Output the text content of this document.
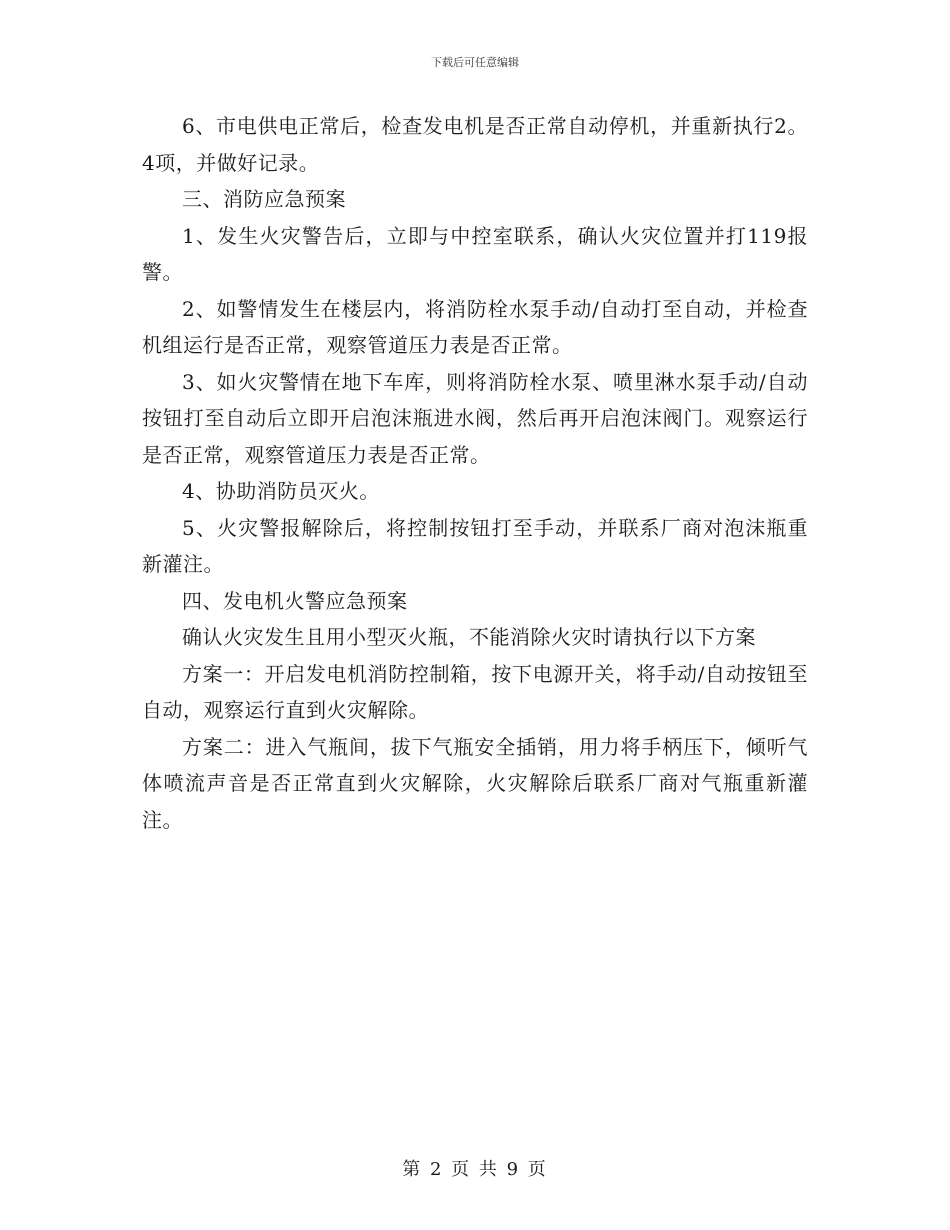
下载后可任意编辑

6、市电供电正常后，检查发电机是否正常自动停机，并重新执行2。4项，并做好记录。

三、消防应急预案

1、发生火灾警告后，立即与中控室联系，确认火灾位置并打119报警。

2、如警情发生在楼层内，将消防栓水泵手动/自动打至自动，并检查机组运行是否正常，观察管道压力表是否正常。

3、如火灾警情在地下车库，则将消防栓水泵、喷里淋水泵手动/自动按钮打至自动后立即开启泡沫瓶进水阀，然后再开启泡沫阀门。观察运行是否正常，观察管道压力表是否正常。

4、协助消防员灭火。

5、火灾警报解除后，将控制按钮打至手动，并联系厂商对泡沫瓶重新灌注。

四、发电机火警应急预案

确认火灾发生且用小型灭火瓶，不能消除火灾时请执行以下方案

方案一：开启发电机消防控制箱，按下电源开关，将手动/自动按钮至自动，观察运行直到火灾解除。

方案二：进入气瓶间，拔下气瓶安全插销，用力将手柄压下，倾听气体喷流声音是否正常直到火灾解除，火灾解除后联系厂商对气瓶重新灌注。

第 2 页 共 9 页
